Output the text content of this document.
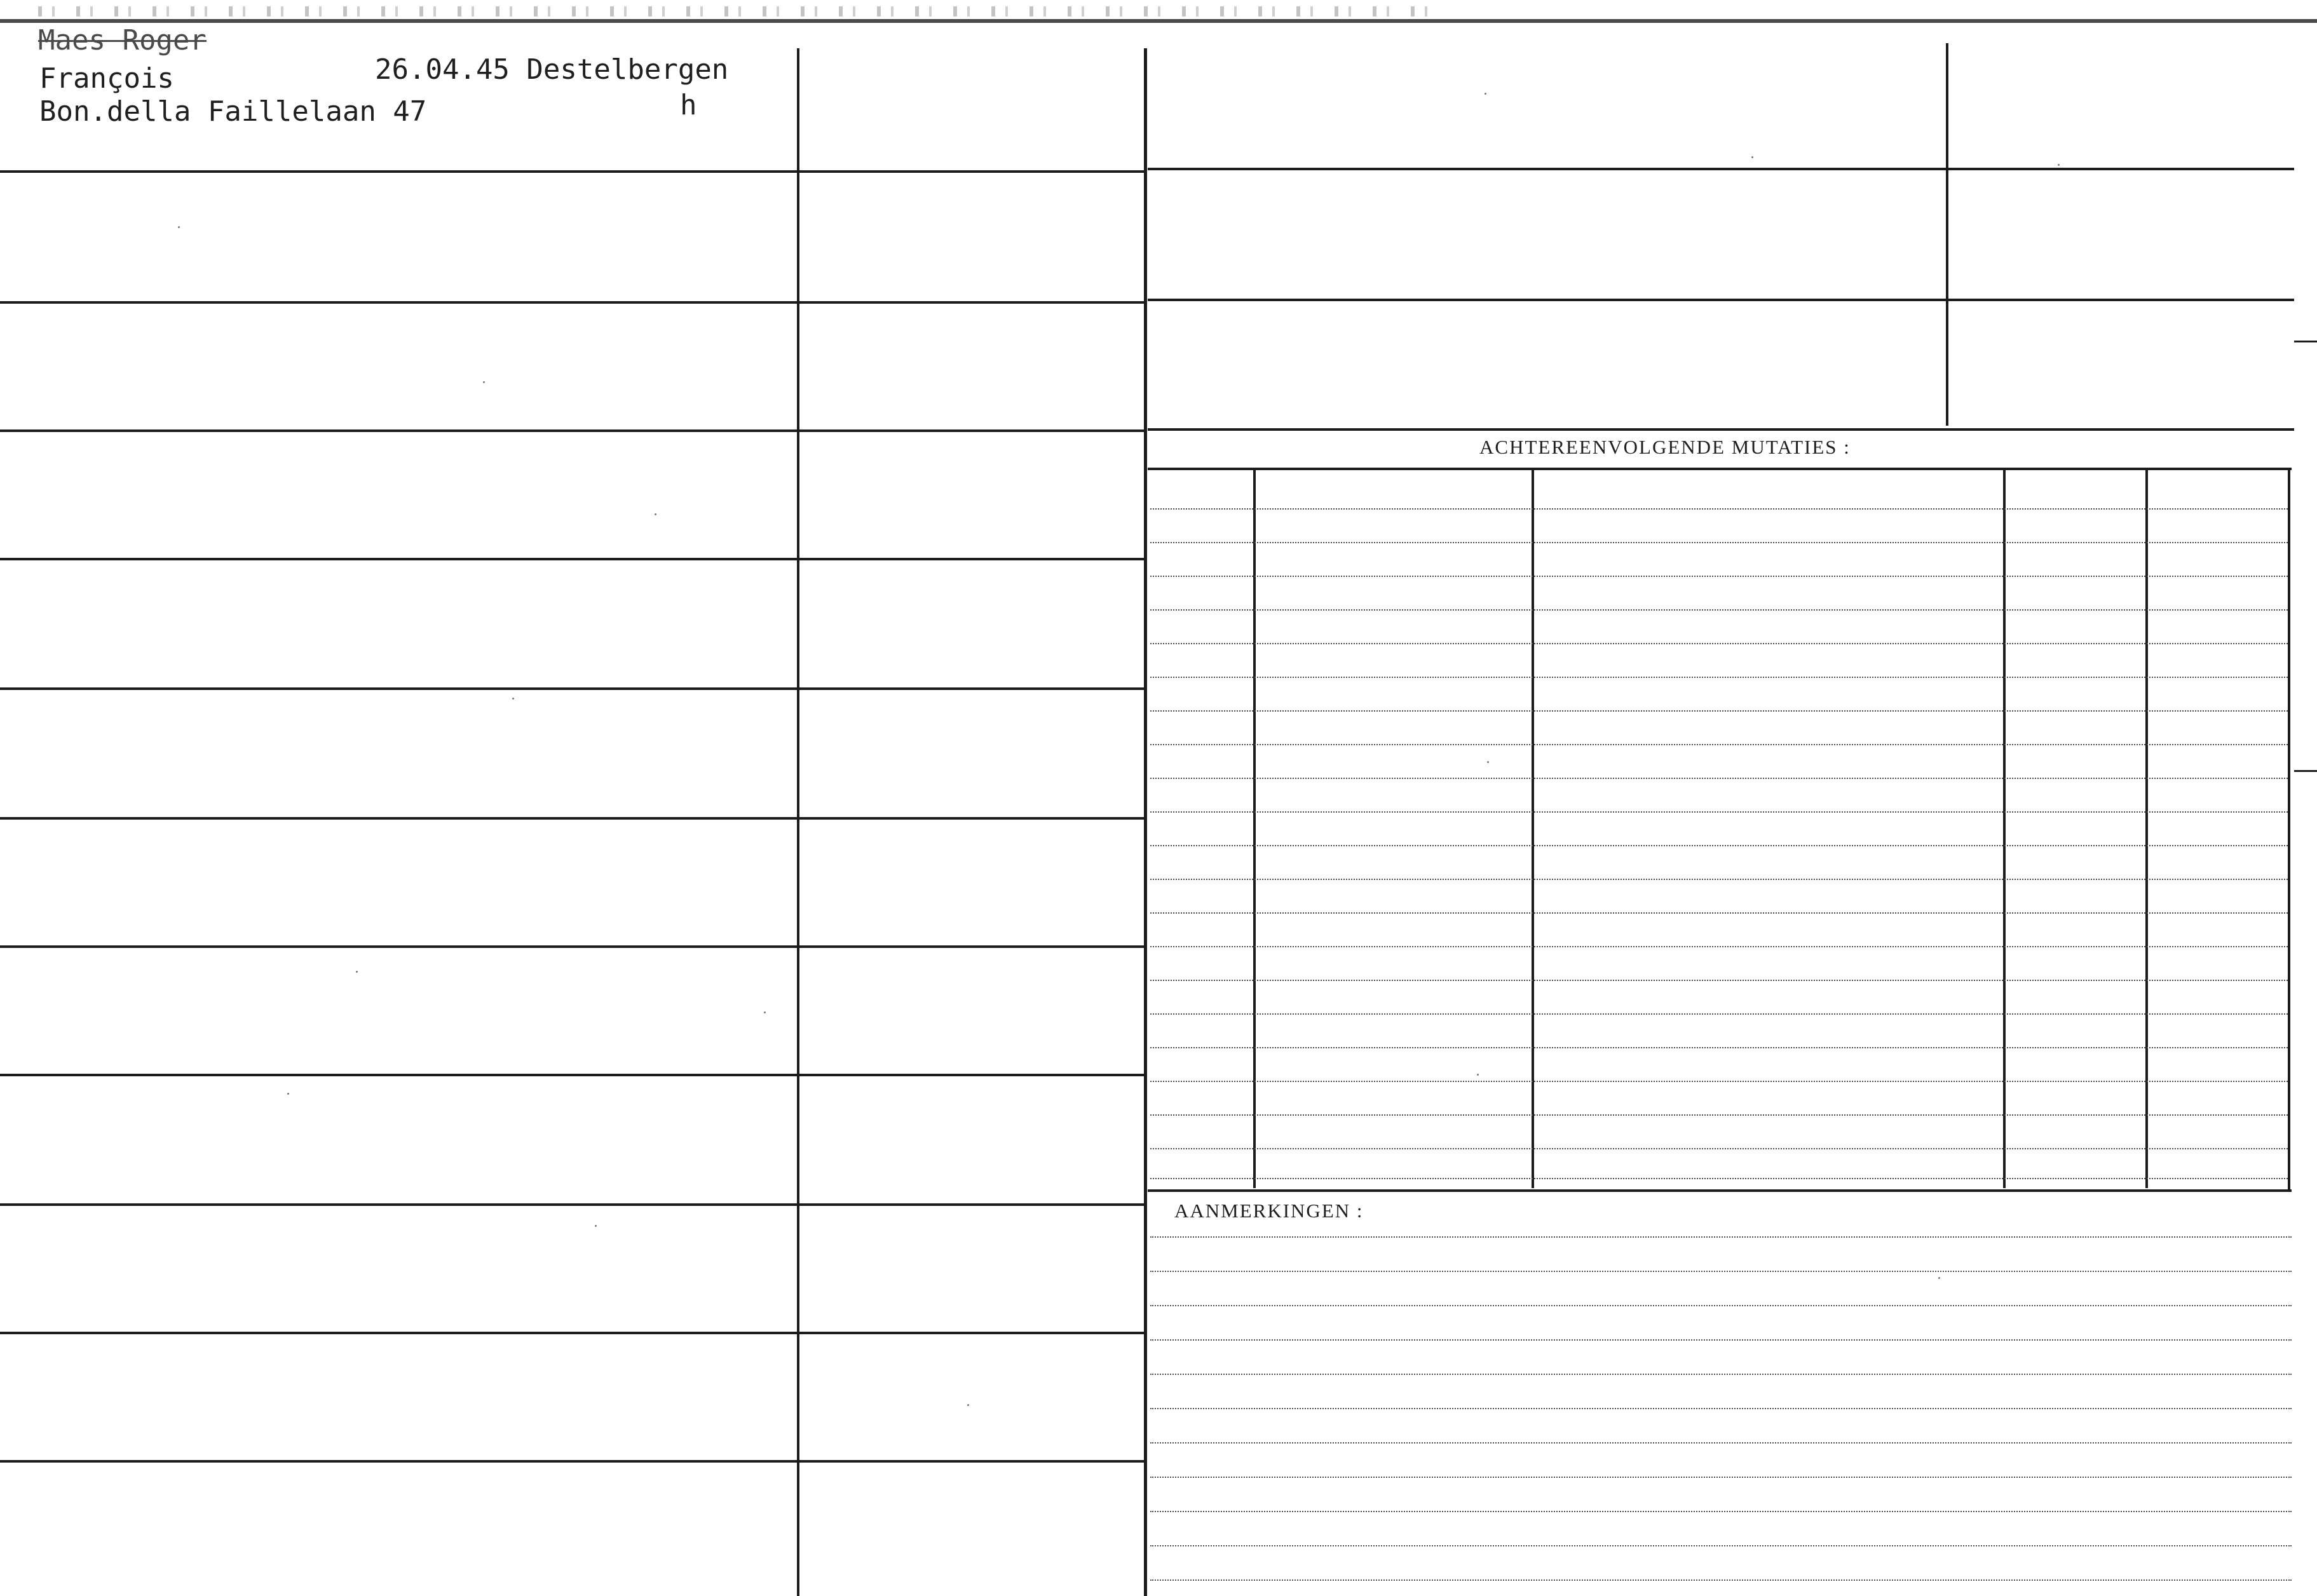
Maes Roger
François	26.04.45 Destelbergen
Bon.della Faillelaan 47	h
ACHTEREENVOLGENDE MUTATIES :
AANMERKINGEN :
